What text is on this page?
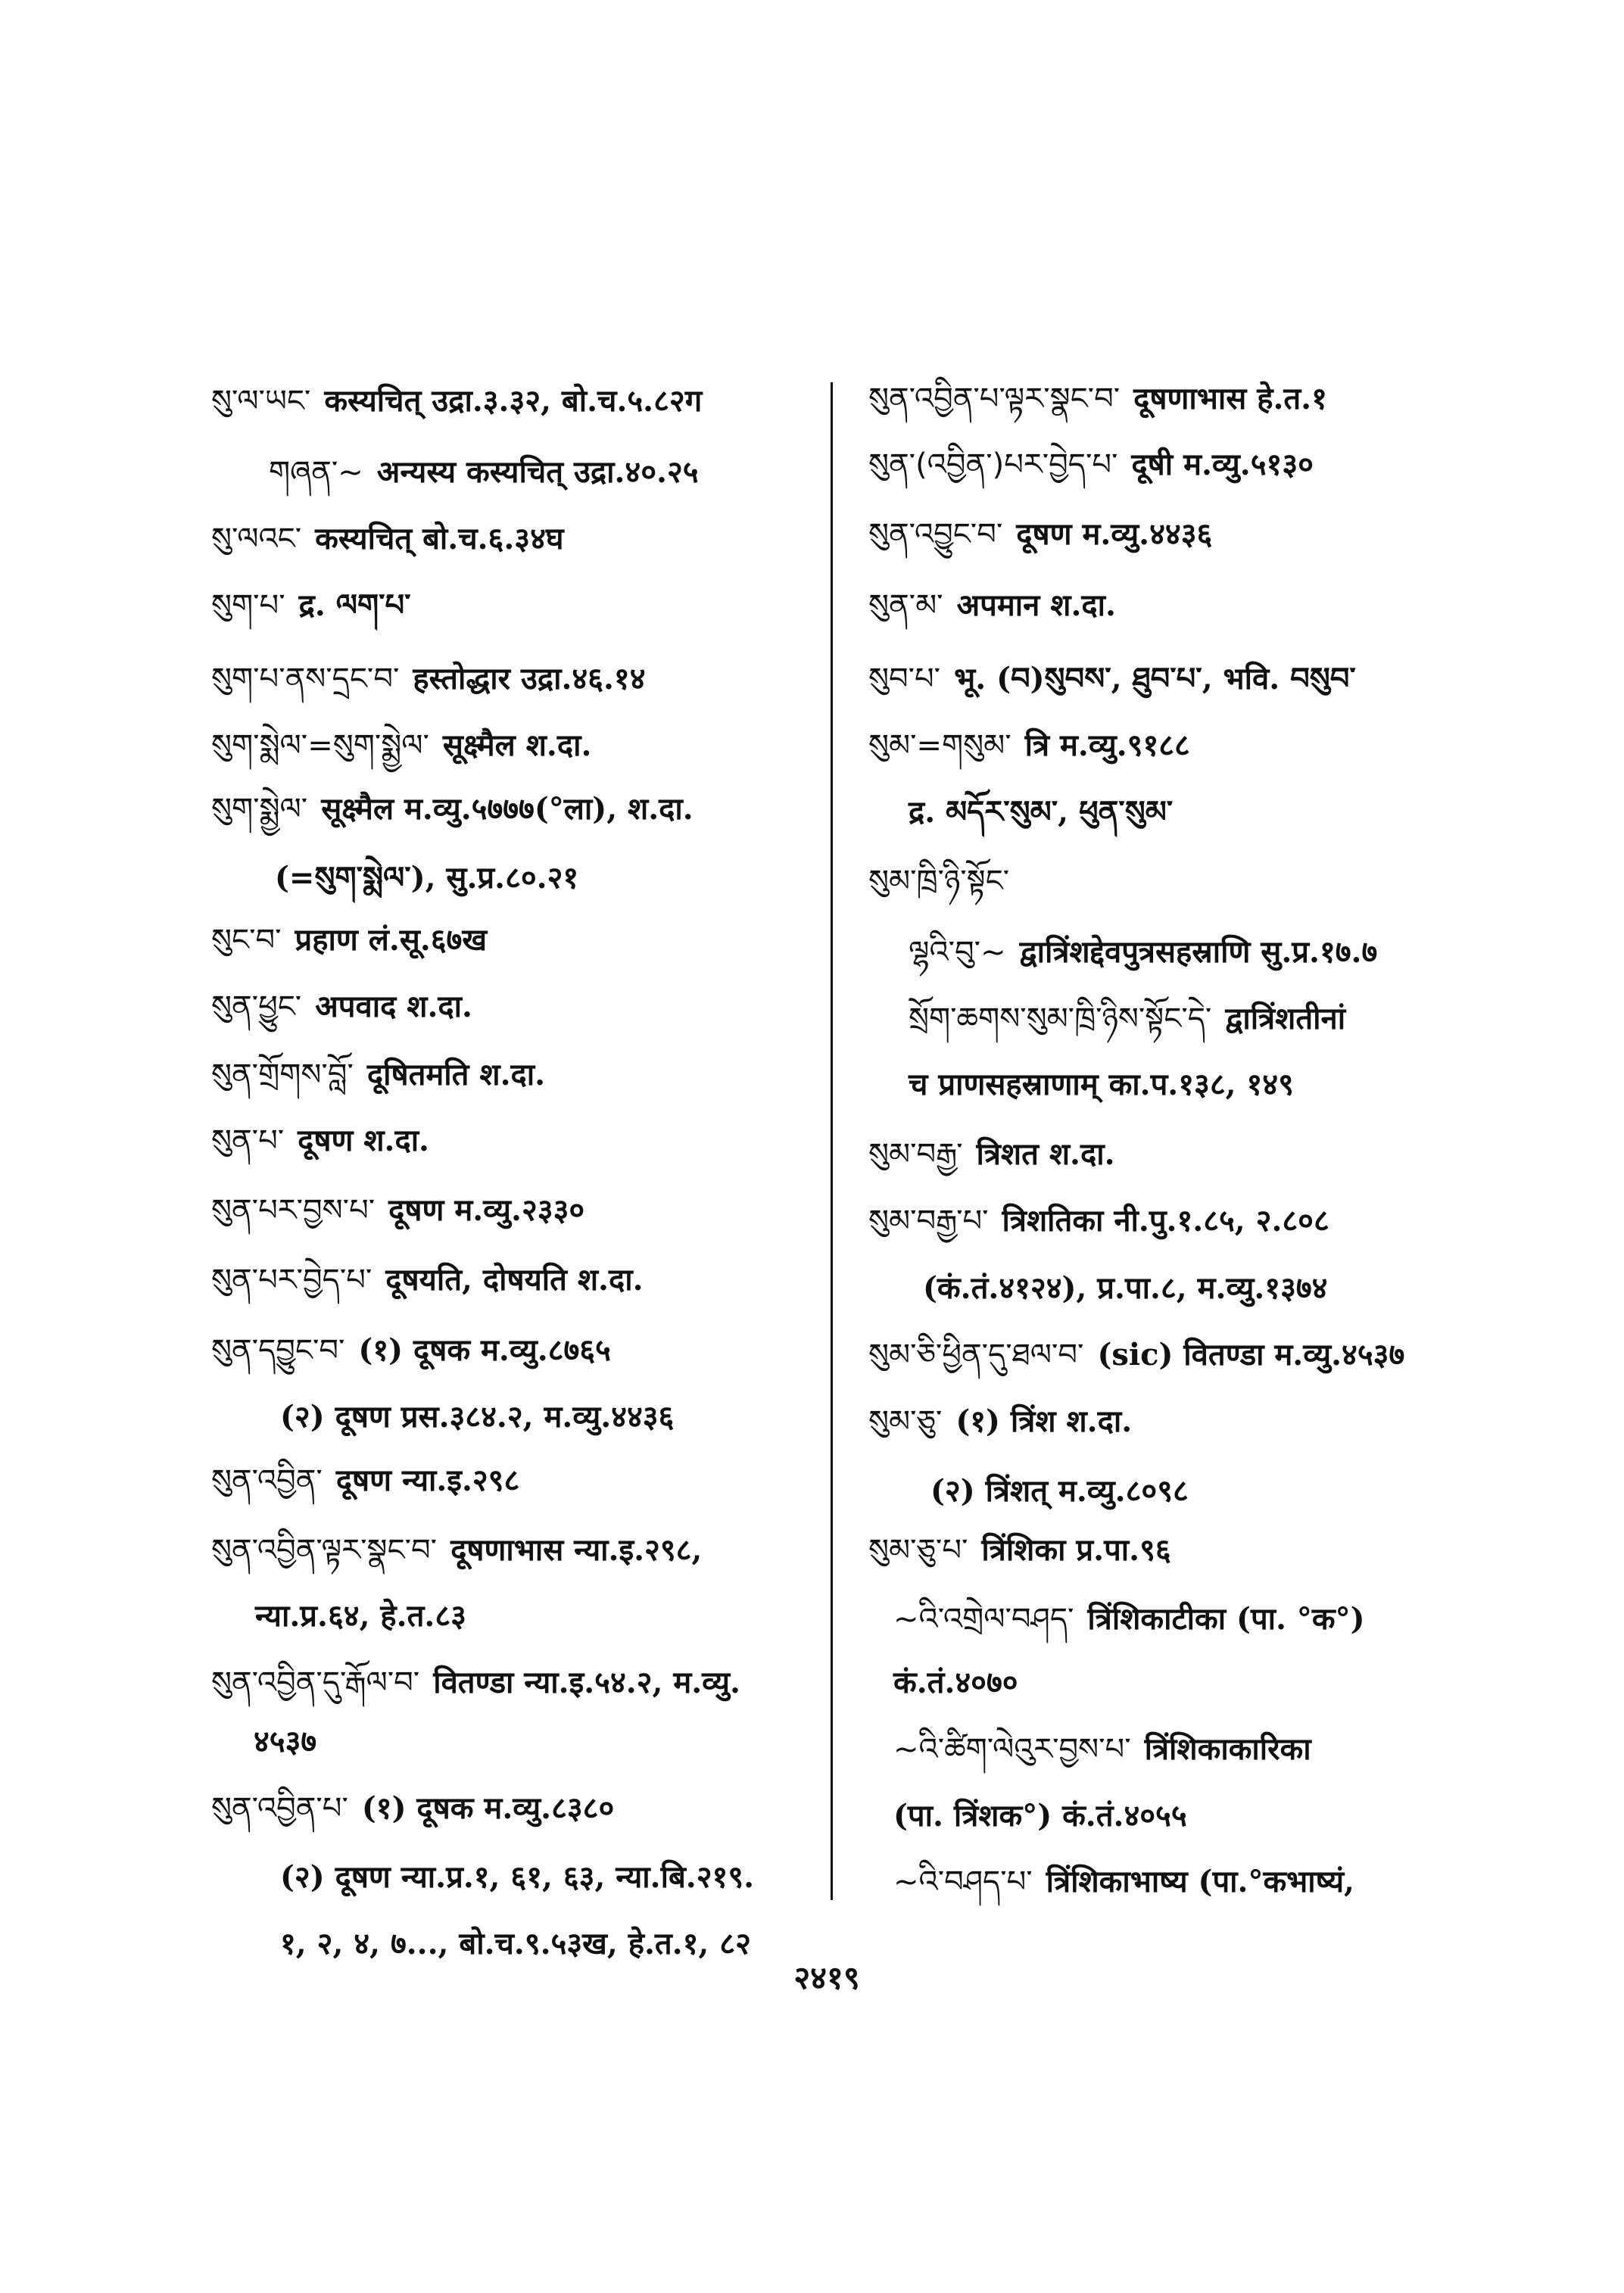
སུ་ལ་ཡང་ कस्यचित् उद्रा.३.३२, बो.च.५.८२ग
གཞན་~ अन्यस्य कस्यचित् उद्रा.४०.२५
སུ་ལའང་ कस्यचित् बो.च.६.३४घ
སུག་པ་ द्र. ལག་པ་
སུག་པ་ནས་དྲང་བ་ हस्तोद्धार उद्रा.४६.१४
སུག་སྨེལ་=སུག་སྨྱེལ་ सूक्ष्मैल श.दा.
སུག་སྨྱེལ་ सूक्ष्मैल म.व्यु.५७७७(°ला), श.दा.
(=སུག་སྨེལ་), सु.प्र.८०.२१
སུང་བ་ प्रहाण लं.सू.६७ख
སུན་ཕྱུང་ अपवाद श.दा.
སུན་གྲོགས་བློ་ दूषितमति श.दा.
སུན་པ་ दूषण श.दा.
སུན་པར་བྱས་པ་ दूषण म.व्यु.२३३०
སུན་པར་བྱེད་པ་ दूषयति, दोषयति श.दा.
སུན་དབྱུང་བ་ (१) दूषक म.व्यु.८७६५
(२) दूषण प्रस.३८४.२, म.व्यु.४४३६
སུན་འབྱིན་ दूषण न्या.इ.२९८
སུན་འབྱིན་ལྟར་སྣང་བ་ दूषणाभास न्या.इ.२९८,
न्या.प्र.६४, हे.त.८३
སུན་འབྱིན་དུ་རྒོལ་བ་ वितण्डा न्या.इ.५४.२, म.व्यु.
४५३७
སུན་འབྱིན་པ་ (१) दूषक म.व्यु.८३८०
(२) दूषण न्या.प्र.१, ६१, ६३, न्या.बि.२१९.
१, २, ४, ७..., बो.च.९.५३ख, हे.त.१, ८२
སུན་འབྱིན་པ་ལྟར་སྣང་བ་ दूषणाभास हे.त.१
སུན་(འབྱིན་)པར་བྱེད་པ་ दूषी म.व्यु.५१३०
སུན་འབྱུང་བ་ दूषण म.व्यु.४४३६
སུན་མ་ अपमान श.दा.
སུབ་པ་ भू. (བ)སུབས་, ཐུབ་པ་, भवि. བསུབ་
སུམ་=གསུམ་ त्रि म.व्यु.९१८८
द्र. མདོར་སུམ་, ཕུན་སུམ་
སུམ་ཁྲི་ཉི་སྟོང་
ལྷའི་བུ་~ द्वात्रिंशद्देवपुत्रसहस्राणि सु.प्र.१७.७
སྲོག་ཆགས་སུམ་ཁྲི་ཉིས་སྟོང་དེ་ द्वात्रिंशतीनां
च प्राणसहस्राणाम् का.प.१३८, १४९
སུམ་བརྒྱ་ त्रिशत श.दा.
སུམ་བརྒྱ་པ་ त्रिशतिका नी.पु.१.८५, २.८०८
(कं.तं.४१२४), प्र.पा.८, म.व्यु.१३७४
སུམ་ཅི་ཕྱིན་དུ་ཐལ་བ་ (sic) वितण्डा म.व्यु.४५३७
སུམ་ཅུ་ (१) त्रिंश श.दा.
(२) त्रिंशत् म.व्यु.८०९८
སུམ་ཅུ་པ་ त्रिंशिका प्र.पा.९६
~འི་འགྲེལ་བཤད་ त्रिंशिकाटीका (पा. °क°)
कं.तं.४०७०
~འི་ཚིག་ལེའུར་བྱས་པ་ त्रिंशिकाकारिका
(पा. त्रिंशक°) कं.तं.४०५५
~འི་བཤད་པ་ त्रिंशिकाभाष्य (पा.°कभाष्यं,
२४१९
